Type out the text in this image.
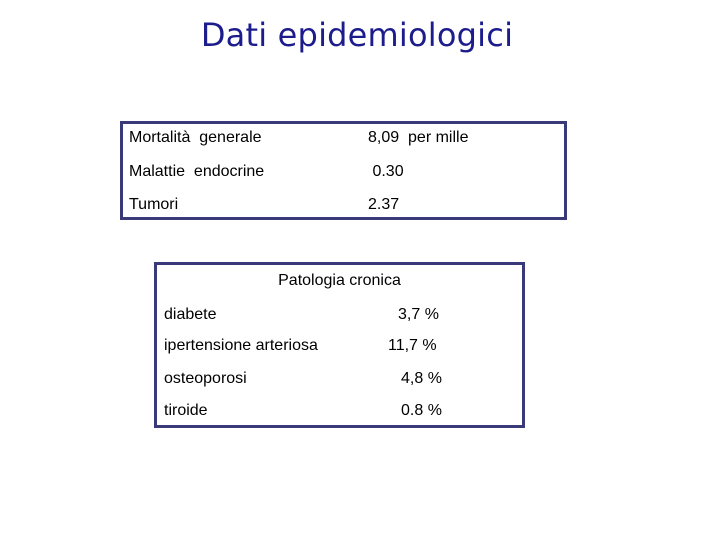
Dati epidemiologici
Mortalità  generale	8,09  per mille
Malattie  endocrine	0.30
Tumori	2.37
Patologia cronica
diabete	3,7 %
ipertensione arteriosa	11,7 %
osteoporosi	4,8 %
tiroide	0.8 %
